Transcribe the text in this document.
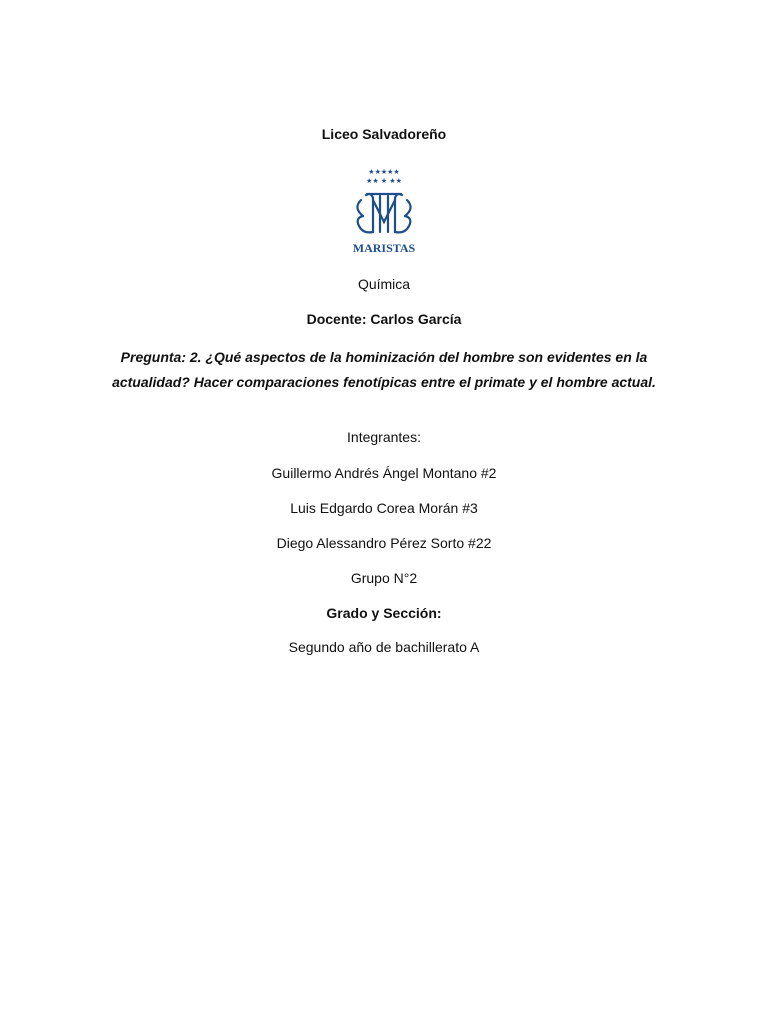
Liceo Salvadoreño
★★★★★
★★ ★ ★★
MARISTAS
Química
Docente: Carlos García
Pregunta: 2. ¿Qué aspectos de la hominización del hombre son evidentes en la actualidad? Hacer comparaciones fenotípicas entre el primate y el hombre actual.
Integrantes:
Guillermo Andrés Ángel Montano #2
Luis Edgardo Corea Morán #3
Diego Alessandro Pérez Sorto #22
Grupo N°2
Grado y Sección:
Segundo año de bachillerato A
